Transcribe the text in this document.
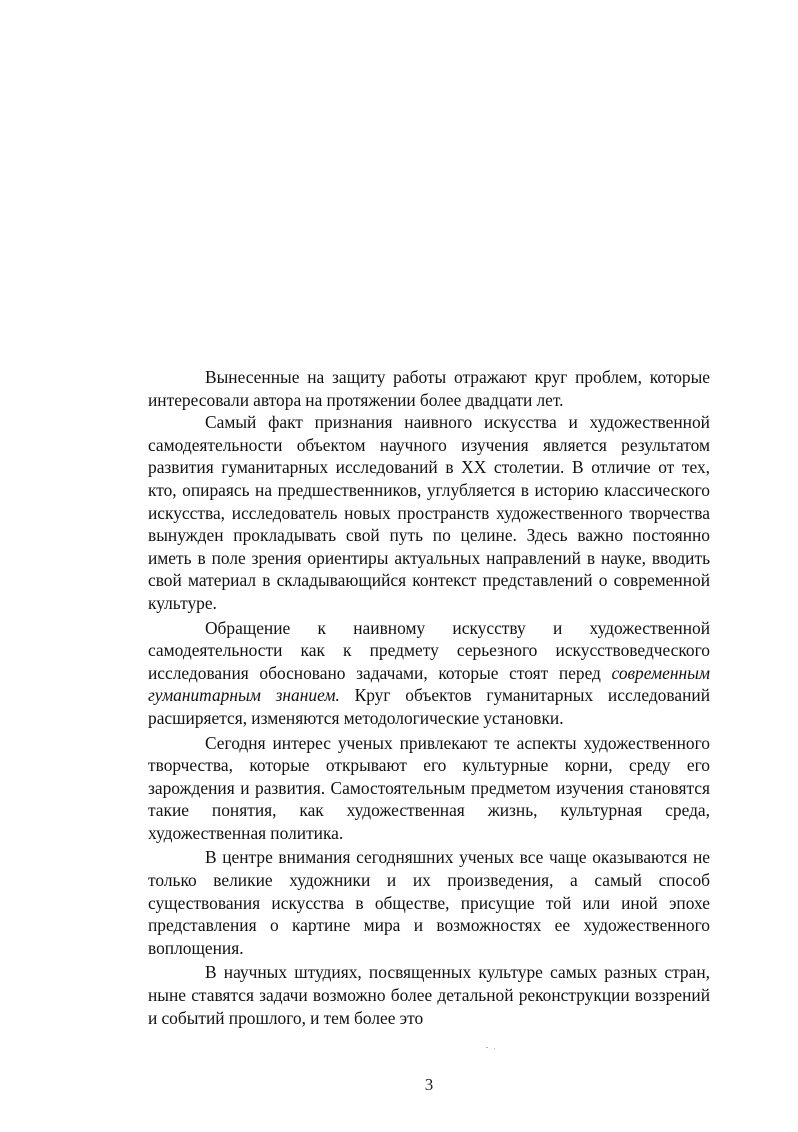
Вынесенные на защиту работы отражают круг проблем, которые интересовали автора на протяжении более двадцати лет.

Самый факт признания наивного искусства и художественной самодеятельности объектом научного изучения является результатом развития гуманитарных исследований в XX столетии. В отличие от тех, кто, опираясь на предшественников, углубляется в историю классического искусства, исследователь новых пространств художественного творчества вынужден прокладывать свой путь по целине. Здесь важно постоянно иметь в поле зрения ориентиры актуальных направлений в науке, вводить свой материал в складывающийся контекст представлений о современной культуре.

Обращение к наивному искусству и художественной самодеятельности как к предмету серьезного искусствоведческого исследования обосновано задачами, которые стоят перед современным гуманитарным знанием. Круг объектов гуманитарных исследований расширяется, изменяются методологические установки.

Сегодня интерес ученых привлекают те аспекты художественного творчества, которые открывают его культурные корни, среду его зарождения и развития. Самостоятельным предметом изучения становятся такие понятия, как художественная жизнь, культурная среда, художественная политика.

В центре внимания сегодняшних ученых все чаще оказываются не только великие художники и их произведения, а самый способ существования искусства в обществе, присущие той или иной эпохе представления о картине мира и возможностях ее художественного воплощения.

В научных штудиях, посвященных культуре самых разных стран, ныне ставятся задачи возможно более детальной реконструкции воззрений и событий прошлого, и тем более это

3
